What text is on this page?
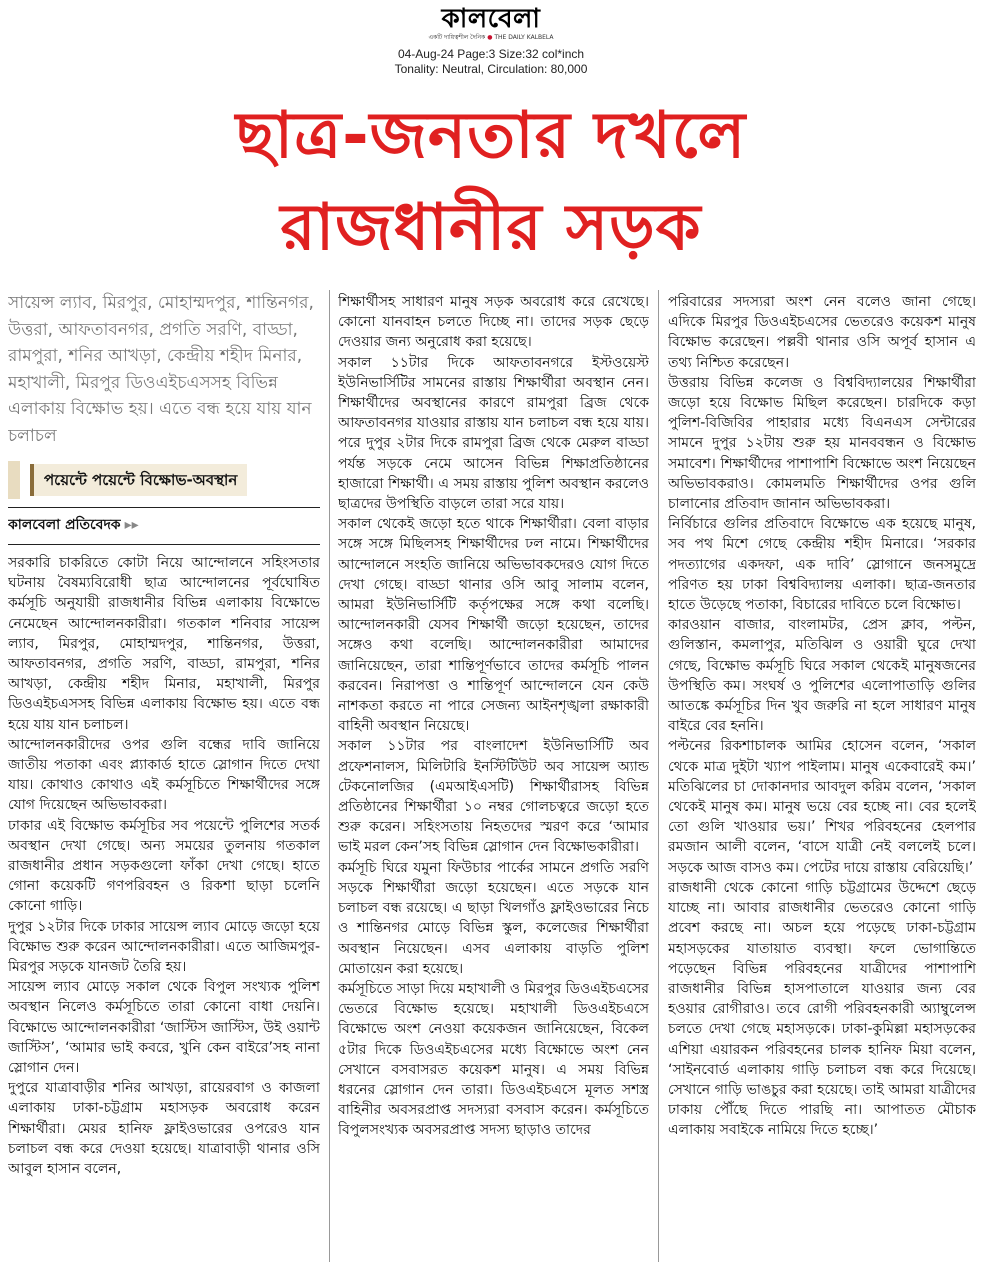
কালবেলা
একটি দায়িত্বশীল দৈনিক ● THE DAILY KALBELA
04-Aug-24 Page:3 Size:32 col*inch
Tonality: Neutral, Circulation: 80,000
ছাত্র-জনতার দখলে
রাজধানীর সড়ক
সায়েন্স ল্যাব, মিরপুর, মোহাম্মদপুর, শান্তিনগর, উত্তরা, আফতাবনগর, প্রগতি সরণি, বাড্ডা, রামপুরা, শনির আখড়া, কেন্দ্রীয় শহীদ মিনার, মহাখালী, মিরপুর ডিওএইচএসসহ বিভিন্ন এলাকায় বিক্ষোভ হয়। এতে বন্ধ হয়ে যায় যান চলাচল
পয়েন্টে পয়েন্টে বিক্ষোভ-অবস্থান
কালবেলা প্রতিবেদক ▸▸

সরকারি চাকরিতে কোটা নিয়ে আন্দোলনে সহিংসতার ঘটনায় বৈষম্যবিরোধী ছাত্র আন্দোলনের পূর্বঘোষিত কর্মসূচি অনুযায়ী রাজধানীর বিভিন্ন এলাকায় বিক্ষোভে নেমেছেন আন্দোলনকারীরা। গতকাল শনিবার সায়েন্স ল্যাব, মিরপুর, মোহাম্মদপুর, শান্তিনগর, উত্তরা, আফতাবনগর, প্রগতি সরণি, বাড্ডা, রামপুরা, শনির আখড়া, কেন্দ্রীয় শহীদ মিনার, মহাখালী, মিরপুর ডিওএইচএসসহ বিভিন্ন এলাকায় বিক্ষোভ হয়। এতে বন্ধ হয়ে যায় যান চলাচল।

আন্দোলনকারীদের ওপর গুলি বন্ধের দাবি জানিয়ে জাতীয় পতাকা এবং প্ল্যাকার্ড হাতে স্লোগান দিতে দেখা যায়। কোথাও কোথাও এই কর্মসূচিতে শিক্ষার্থীদের সঙ্গে যোগ দিয়েছেন অভিভাবকরা।

ঢাকার এই বিক্ষোভ কর্মসূচির সব পয়েন্টে পুলিশের সতর্ক অবস্থান দেখা গেছে। অন্য সময়ের তুলনায় গতকাল রাজধানীর প্রধান সড়কগুলো ফাঁকা দেখা গেছে। হাতে গোনা কয়েকটি গণপরিবহন ও রিকশা ছাড়া চলেনি কোনো গাড়ি।

দুপুর ১২টার দিকে ঢাকার সায়েন্স ল্যাব মোড়ে জড়ো হয়ে বিক্ষোভ শুরু করেন আন্দোলনকারীরা। এতে আজিমপুর-মিরপুর সড়কে যানজট তৈরি হয়।

সায়েন্স ল্যাব মোড়ে সকাল থেকে বিপুল সংখ্যক পুলিশ অবস্থান নিলেও কর্মসূচিতে তারা কোনো বাধা দেয়নি। বিক্ষোভে আন্দোলনকারীরা ‘জাস্টিস জাস্টিস, উই ওয়ান্ট জাস্টিস’, ‘আমার ভাই কবরে, খুনি কেন বাইরে’সহ নানা স্লোগান দেন।

দুপুরে যাত্রাবাড়ীর শনির আখড়া, রায়েরবাগ ও কাজলা এলাকায় ঢাকা-চট্টগ্রাম মহাসড়ক অবরোধ করেন শিক্ষার্থীরা। মেয়র হানিফ ফ্লাইওভারের ওপরেও যান চলাচল বন্ধ করে দেওয়া হয়েছে। যাত্রাবাড়ী থানার ওসি আবুল হাসান বলেন,

শিক্ষার্থীসহ সাধারণ মানুষ সড়ক অবরোধ করে রেখেছে। কোনো যানবাহন চলতে দিচ্ছে না। তাদের সড়ক ছেড়ে দেওয়ার জন্য অনুরোধ করা হয়েছে।

সকাল ১১টার দিকে আফতাবনগরে ইস্টওয়েস্ট ইউনিভার্সিটির সামনের রাস্তায় শিক্ষার্থীরা অবস্থান নেন। শিক্ষার্থীদের অবস্থানের কারণে রামপুরা ব্রিজ থেকে আফতাবনগর যাওয়ার রাস্তায় যান চলাচল বন্ধ হয়ে যায়। পরে দুপুর ২টার দিকে রামপুরা ব্রিজ থেকে মেরুল বাড্ডা পর্যন্ত সড়কে নেমে আসেন বিভিন্ন শিক্ষাপ্রতিষ্ঠানের হাজারো শিক্ষার্থী। এ সময় রাস্তায় পুলিশ অবস্থান করলেও ছাত্রদের উপস্থিতি বাড়লে তারা সরে যায়।

সকাল থেকেই জড়ো হতে থাকে শিক্ষার্থীরা। বেলা বাড়ার সঙ্গে সঙ্গে মিছিলসহ শিক্ষার্থীদের ঢল নামে। শিক্ষার্থীদের আন্দোলনে সংহতি জানিয়ে অভিভাবকদেরও যোগ দিতে দেখা গেছে। বাড্ডা থানার ওসি আবু সালাম বলেন, আমরা ইউনিভার্সিটি কর্তৃপক্ষের সঙ্গে কথা বলেছি। আন্দোলনকারী যেসব শিক্ষার্থী জড়ো হয়েছেন, তাদের সঙ্গেও কথা বলেছি। আন্দোলনকারীরা আমাদের জানিয়েছেন, তারা শান্তিপূর্ণভাবে তাদের কর্মসূচি পালন করবেন। নিরাপত্তা ও শান্তিপূর্ণ আন্দোলনে যেন কেউ নাশকতা করতে না পারে সেজন্য আইনশৃঙ্খলা রক্ষাকারী বাহিনী অবস্থান নিয়েছে।

সকাল ১১টার পর বাংলাদেশ ইউনিভার্সিটি অব প্রফেশনালস, মিলিটারি ইনস্টিটিউট অব সায়েন্স অ্যান্ড টেকনোলজির (এমআইএসটি) শিক্ষার্থীরাসহ বিভিন্ন প্রতিষ্ঠানের শিক্ষার্থীরা ১০ নম্বর গোলচত্বরে জড়ো হতে শুরু করেন। সহিংসতায় নিহতদের স্মরণ করে ‘আমার ভাই মরল কেন’সহ বিভিন্ন স্লোগান দেন বিক্ষোভকারীরা।

কর্মসূচি ঘিরে যমুনা ফিউচার পার্কের সামনে প্রগতি সরণি সড়কে শিক্ষার্থীরা জড়ো হয়েছেন। এতে সড়কে যান চলাচল বন্ধ রয়েছে। এ ছাড়া খিলগাঁও ফ্লাইওভারের নিচে ও শান্তিনগর মোড়ে বিভিন্ন স্কুল, কলেজের শিক্ষার্থীরা অবস্থান নিয়েছেন। এসব এলাকায় বাড়তি পুলিশ মোতায়েন করা হয়েছে।

কর্মসূচিতে সাড়া দিয়ে মহাখালী ও মিরপুর ডিওএইচএসের ভেতরে বিক্ষোভ হয়েছে। মহাখালী ডিওএইচএসে বিক্ষোভে অংশ নেওয়া কয়েকজন জানিয়েছেন, বিকেল ৫টার দিকে ডিওএইচএসের মধ্যে বিক্ষোভে অংশ নেন সেখানে বসবাসরত কয়েকশ মানুষ। এ সময় বিভিন্ন ধরনের স্লোগান দেন তারা। ডিওএইচএসে মূলত সশস্ত্র বাহিনীর অবসরপ্রাপ্ত সদস্যরা বসবাস করেন। কর্মসূচিতে বিপুলসংখ্যক অবসরপ্রাপ্ত সদস্য ছাড়াও তাদের

পরিবারের সদস্যরা অংশ নেন বলেও জানা গেছে। এদিকে মিরপুর ডিওএইচএসের ভেতরেও কয়েকশ মানুষ বিক্ষোভ করেছেন। পল্লবী থানার ওসি অপূর্ব হাসান এ তথ্য নিশ্চিত করেছেন।

উত্তরায় বিভিন্ন কলেজ ও বিশ্ববিদ্যালয়ের শিক্ষার্থীরা জড়ো হয়ে বিক্ষোভ মিছিল করেছেন। চারদিকে কড়া পুলিশ-বিজিবির পাহারার মধ্যে বিএনএস সেন্টারের সামনে দুপুর ১২টায় শুরু হয় মানববন্ধন ও বিক্ষোভ সমাবেশ। শিক্ষার্থীদের পাশাপাশি বিক্ষোভে অংশ নিয়েছেন অভিভাবকরাও। কোমলমতি শিক্ষার্থীদের ওপর গুলি চালানোর প্রতিবাদ জানান অভিভাবকরা।

নির্বিচারে গুলির প্রতিবাদে বিক্ষোভে এক হয়েছে মানুষ, সব পথ মিশে গেছে কেন্দ্রীয় শহীদ মিনারে। ‘সরকার পদত্যাগের একদফা, এক দাবি’ স্লোগানে জনসমুদ্রে পরিণত হয় ঢাকা বিশ্ববিদ্যালয় এলাকা। ছাত্র-জনতার হাতে উড়েছে পতাকা, বিচারের দাবিতে চলে বিক্ষোভ।

কারওয়ান বাজার, বাংলামটর, প্রেস ক্লাব, পল্টন, গুলিস্তান, কমলাপুর, মতিঝিল ও ওয়ারী ঘুরে দেখা গেছে, বিক্ষোভ কর্মসূচি ঘিরে সকাল থেকেই মানুষজনের উপস্থিতি কম। সংঘর্ষ ও পুলিশের এলোপাতাড়ি গুলির আতঙ্কে কর্মসূচির দিন খুব জরুরি না হলে সাধারণ মানুষ বাইরে বের হননি।

পল্টনের রিকশাচালক আমির হোসেন বলেন, ‘সকাল থেকে মাত্র দুইটা খ্যাপ পাইলাম। মানুষ একেবারেই কম।’ মতিঝিলের চা দোকানদার আবদুল করিম বলেন, ‘সকাল থেকেই মানুষ কম। মানুষ ভয়ে বের হচ্ছে না। বের হলেই তো গুলি খাওয়ার ভয়।’ শিখর পরিবহনের হেলপার রমজান আলী বলেন, ‘বাসে যাত্রী নেই বললেই চলে। সড়কে আজ বাসও কম। পেটের দায়ে রাস্তায় বেরিয়েছি।’

রাজধানী থেকে কোনো গাড়ি চট্টগ্রামের উদ্দেশে ছেড়ে যাচ্ছে না। আবার রাজধানীর ভেতরেও কোনো গাড়ি প্রবেশ করছে না। অচল হয়ে পড়েছে ঢাকা-চট্টগ্রাম মহাসড়কের যাতায়াত ব্যবস্থা। ফলে ভোগান্তিতে পড়েছেন বিভিন্ন পরিবহনের যাত্রীদের পাশাপাশি রাজধানীর বিভিন্ন হাসপাতালে যাওয়ার জন্য বের হওয়ার রোগীরাও। তবে রোগী পরিবহনকারী অ্যাম্বুলেন্স চলতে দেখা গেছে মহাসড়কে। ঢাকা-কুমিল্লা মহাসড়কের এশিয়া এয়ারকন পরিবহনের চালক হানিফ মিয়া বলেন, ‘সাইনবোর্ড এলাকায় গাড়ি চলাচল বন্ধ করে দিয়েছে। সেখানে গাড়ি ভাঙচুর করা হয়েছে। তাই আমরা যাত্রীদের ঢাকায় পৌঁছে দিতে পারছি না। আপাতত মৌচাক এলাকায় সবাইকে নামিয়ে দিতে হচ্ছে।’
